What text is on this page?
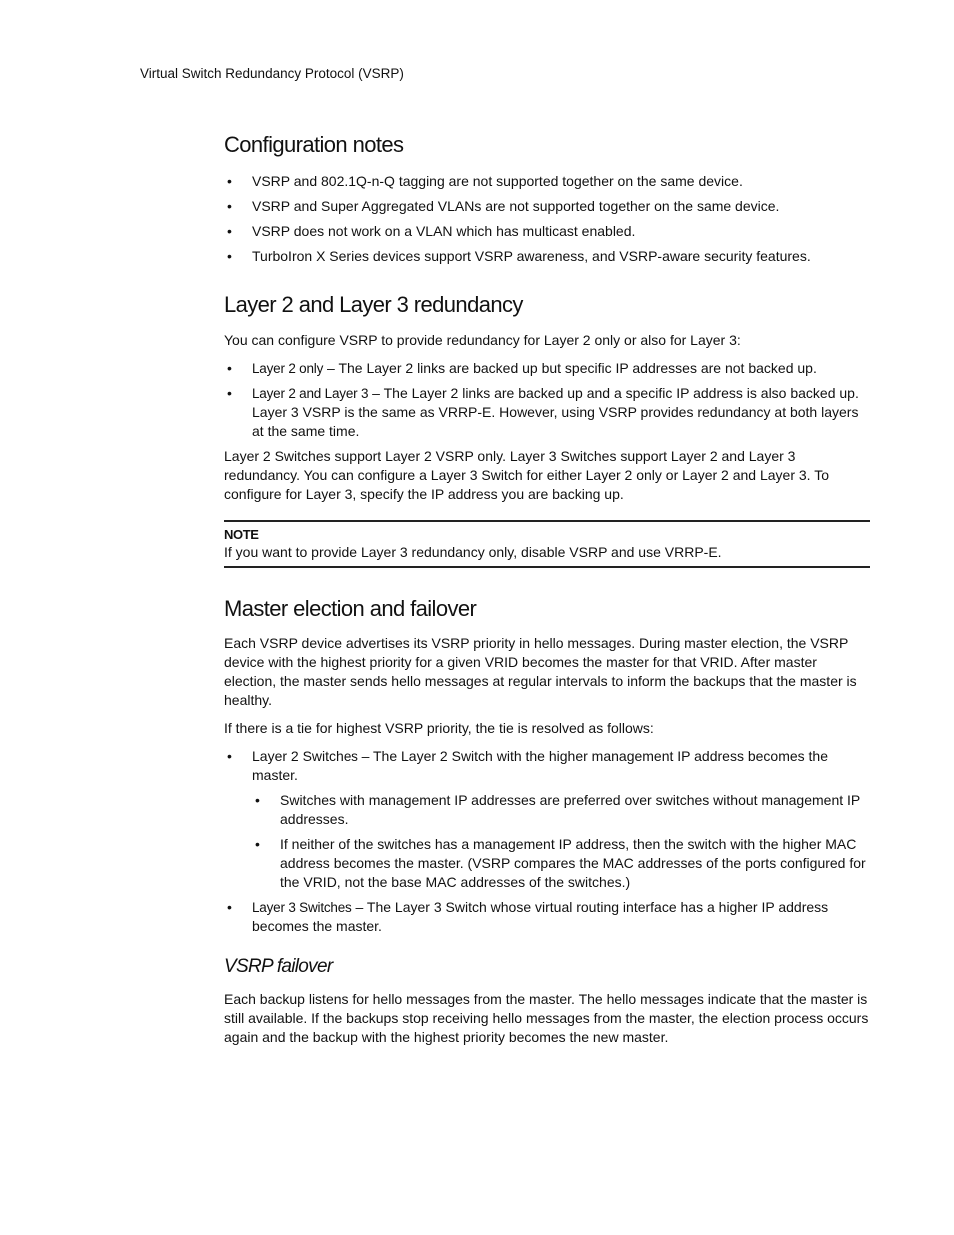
Virtual Switch Redundancy Protocol (VSRP)
Configuration notes
• VSRP and 802.1Q-n-Q tagging are not supported together on the same device.
• VSRP and Super Aggregated VLANs are not supported together on the same device.
• VSRP does not work on a VLAN which has multicast enabled.
• TurboIron X Series devices support VSRP awareness, and VSRP-aware security features.
Layer 2 and Layer 3 redundancy

You can configure VSRP to provide redundancy for Layer 2 only or also for Layer 3:

• Layer 2 only – The Layer 2 links are backed up but specific IP addresses are not backed up.
• Layer 2 and Layer 3 – The Layer 2 links are backed up and a specific IP address is also backed up. Layer 3 VSRP is the same as VRRP-E. However, using VSRP provides redundancy at both layers at the same time.

Layer 2 Switches support Layer 2 VSRP only. Layer 3 Switches support Layer 2 and Layer 3 redundancy. You can configure a Layer 3 Switch for either Layer 2 only or Layer 2 and Layer 3. To configure for Layer 3, specify the IP address you are backing up.

NOTE

If you want to provide Layer 3 redundancy only, disable VSRP and use VRRP-E.

Master election and failover

Each VSRP device advertises its VSRP priority in hello messages. During master election, the VSRP device with the highest priority for a given VRID becomes the master for that VRID. After master election, the master sends hello messages at regular intervals to inform the backups that the master is healthy.

If there is a tie for highest VSRP priority, the tie is resolved as follows:

• Layer 2 Switches – The Layer 2 Switch with the higher management IP address becomes the master.
• Switches with management IP addresses are preferred over switches without management IP addresses.
• If neither of the switches has a management IP address, then the switch with the higher MAC address becomes the master. (VSRP compares the MAC addresses of the ports configured for the VRID, not the base MAC addresses of the switches.)
• Layer 3 Switches – The Layer 3 Switch whose virtual routing interface has a higher IP address becomes the master.
VSRP failover

Each backup listens for hello messages from the master. The hello messages indicate that the master is still available. If the backups stop receiving hello messages from the master, the election process occurs again and the backup with the highest priority becomes the new master.
